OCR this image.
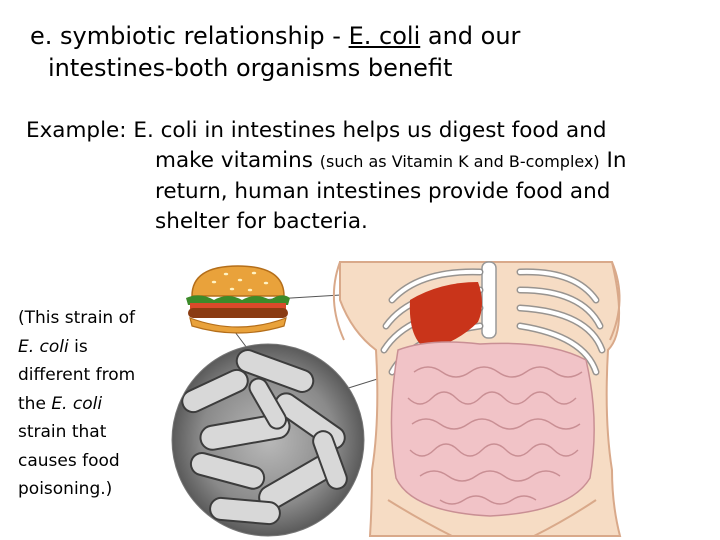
e. symbiotic relationship - E. coli and our
intestines-both organisms benefit
Example: E. coli in intestines helps us digest food and
make vitamins (such as Vitamin K and B-complex) In
return, human intestines provide food and
shelter for bacteria.
(This strain of
E. coli is
different from
the E. coli
strain that
causes food
poisoning.)
